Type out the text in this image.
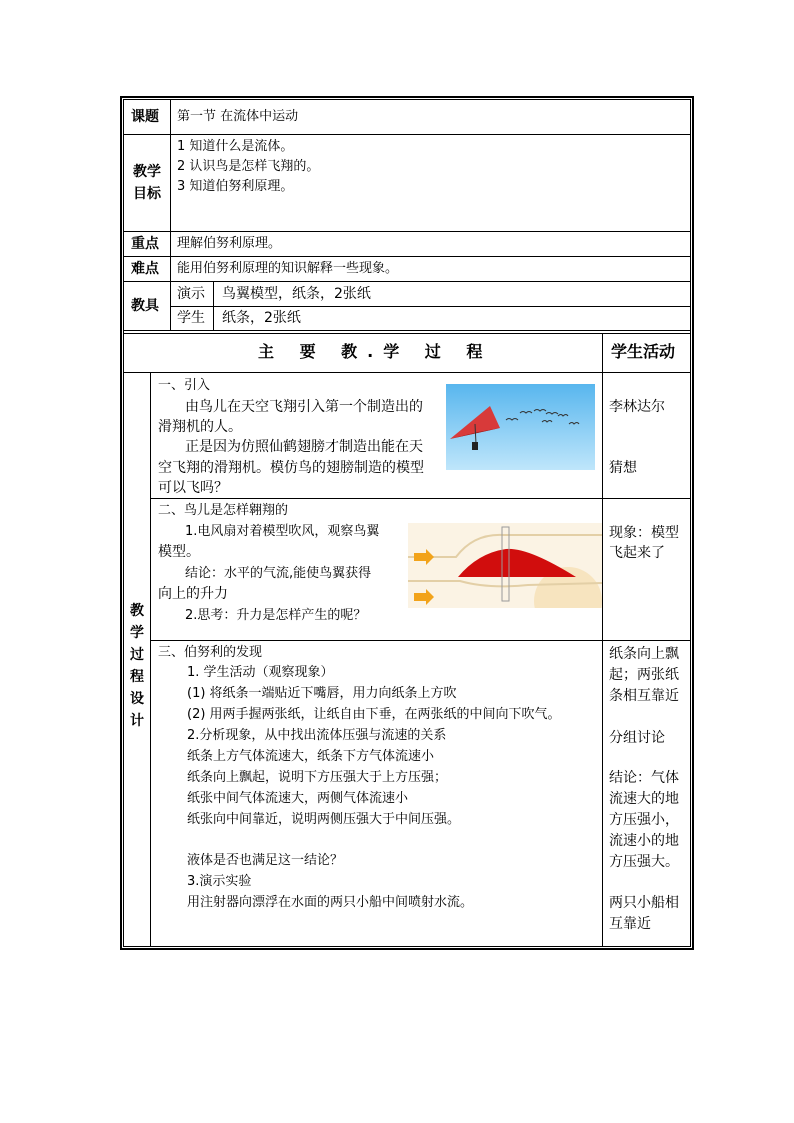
课题 第一节 在流体中运动
教学
目标
1 知道什么是流体。
2 认识鸟是怎样飞翔的。
3 知道伯努利原理。
重点 理解伯努利原理。
难点 能用伯努利原理的知识解释一些现象。
教具
演示 鸟翼模型，纸条，2张纸
学生 纸条，2张纸
主 要 教.学 过 程	学生活动
教
学
过
程
设
计
一、引入
由鸟儿在天空飞翔引入第一个制造出的
滑翔机的人。
正是因为仿照仙鹤翅膀才制造出能在天
空飞翔的滑翔机。模仿鸟的翅膀制造的模型
可以飞吗？
李林达尔
猜想
二、鸟儿是怎样翱翔的
1.电风扇对着模型吹风，观察鸟翼
模型。
结论：水平的气流,能使鸟翼获得
向上的升力
2.思考：升力是怎样产生的呢？
现象：模型
飞起来了
三、伯努利的发现
1. 学生活动（观察现象）
(1) 将纸条一端贴近下嘴唇，用力向纸条上方吹
(2) 用两手握两张纸，让纸自由下垂，在两张纸的中间向下吹气。
2.分析现象，从中找出流体压强与流速的关系
纸条上方气体流速大，纸条下方气体流速小
纸条向上飘起，说明下方压强大于上方压强；
纸张中间气体流速大，两侧气体流速小
纸张向中间靠近，说明两侧压强大于中间压强。
液体是否也满足这一结论？
3.演示实验
用注射器向漂浮在水面的两只小船中间喷射水流。
纸条向上飘
起；两张纸
条相互靠近
分组讨论
结论：气体
流速大的地
方压强小，
流速小的地
方压强大。
两只小船相
互靠近
